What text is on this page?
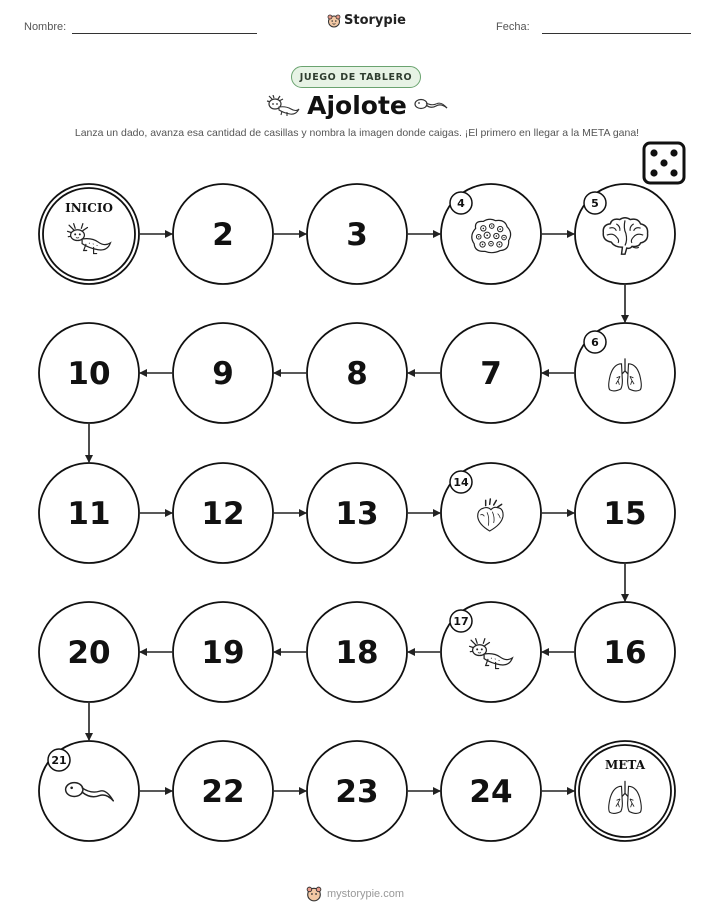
Nombre:	Storypie	Fecha:
JUEGO DE TABLERO
Ajolote
Lanza un dado, avanza esa cantidad de casillas y nombra la imagen donde caigas. ¡El primero en llegar a la META gana!
INICIO
2	3
4	5
6
7
8
9
10
11	12	13
14
15
16
17
18
19
20
21
22	23	24
META
mystorypie.com
